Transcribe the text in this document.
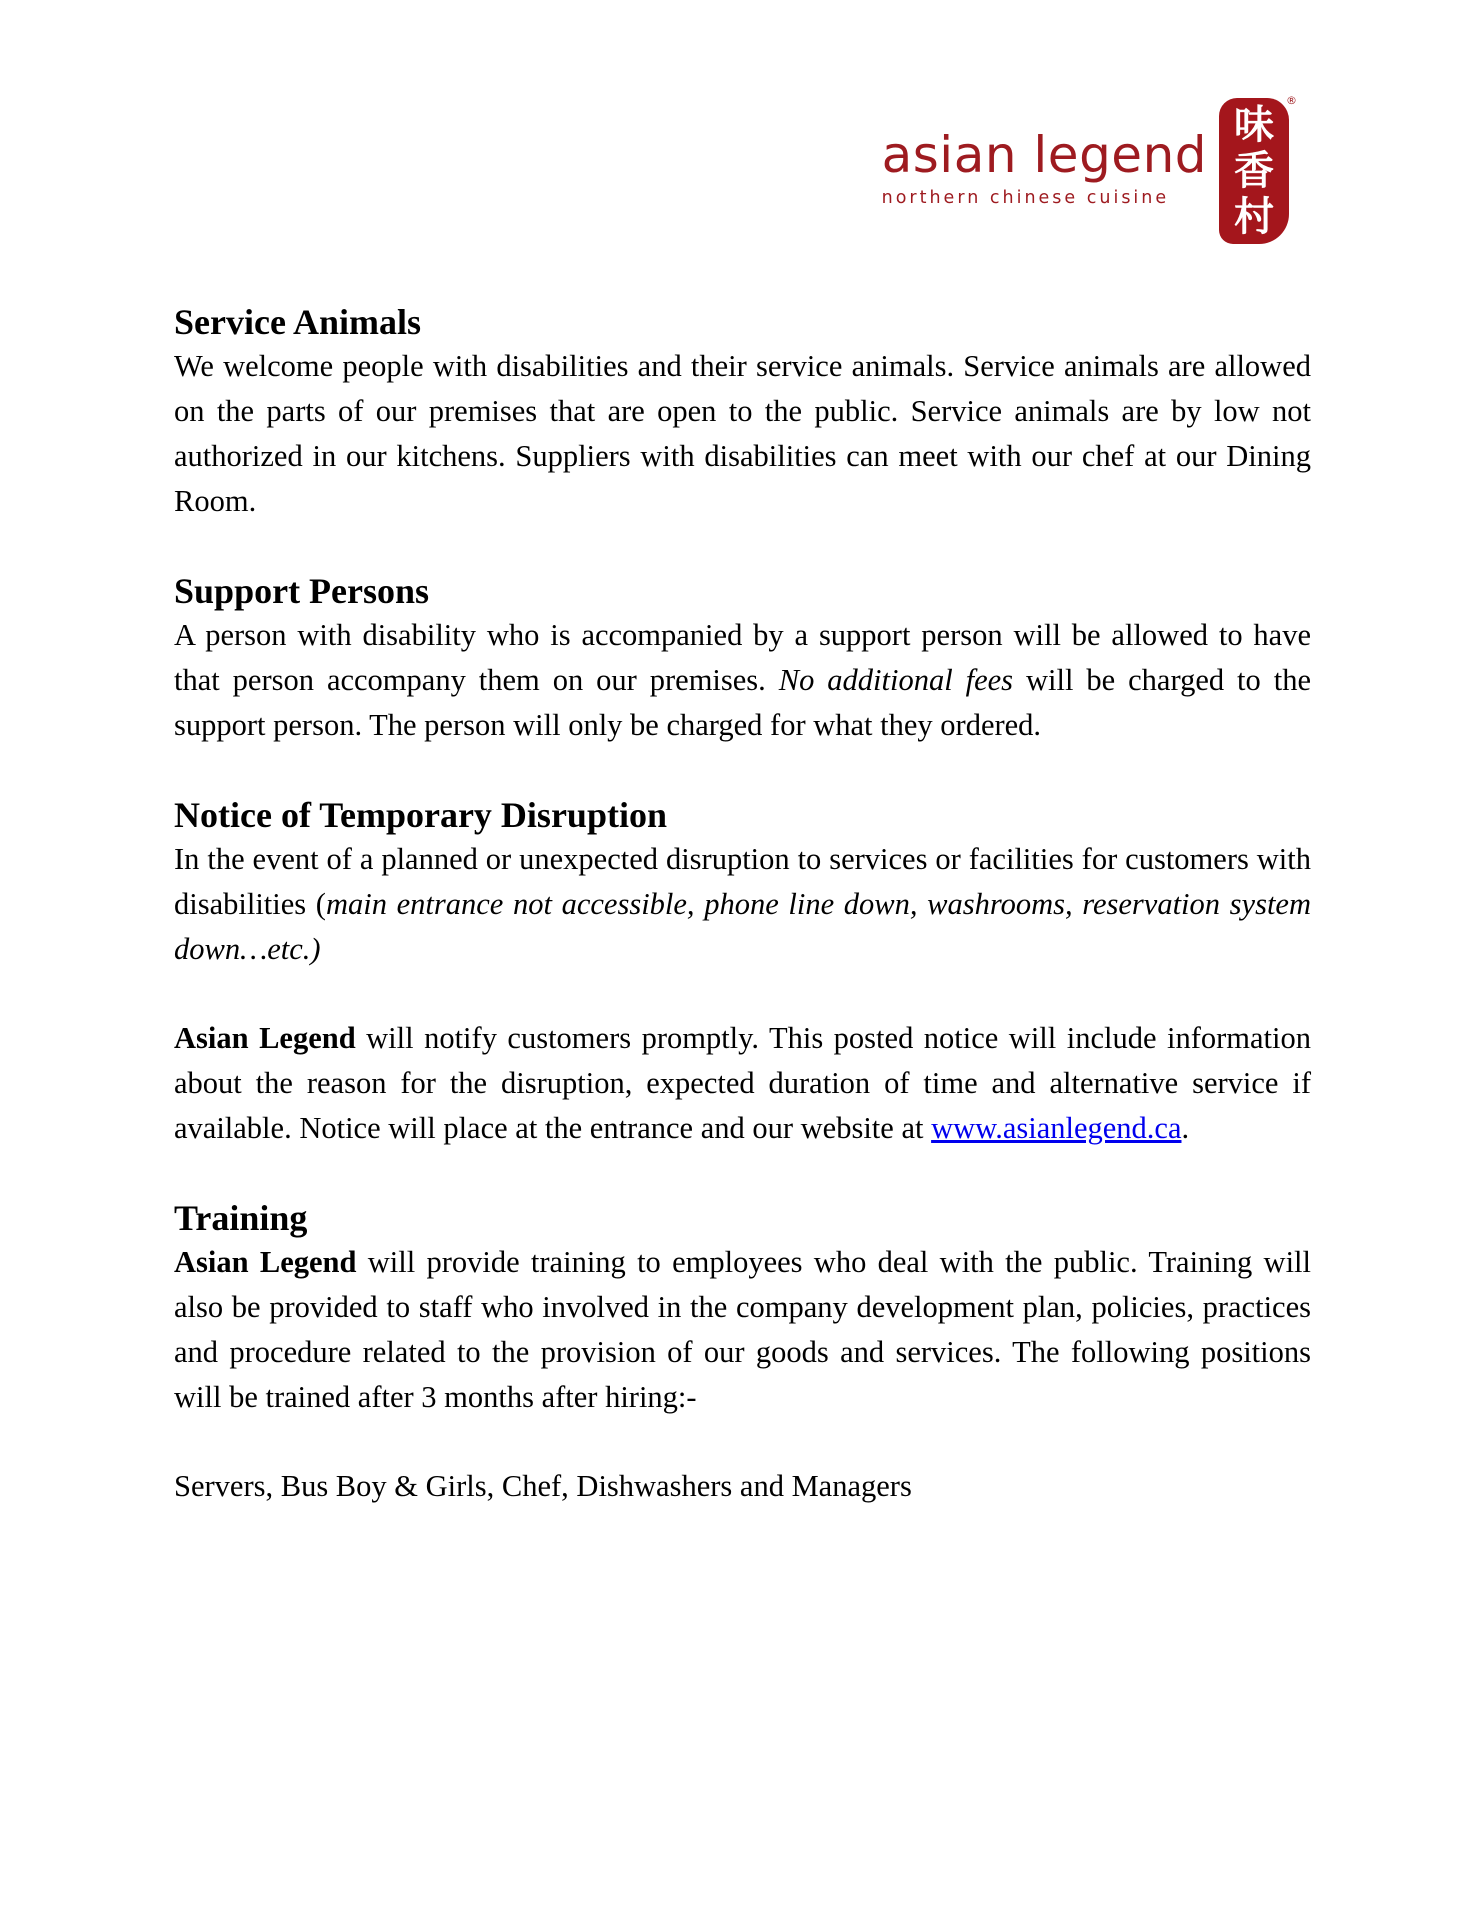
asian legend
northern chinese cuisine
味
香
村
®
Service Animals

We welcome people with disabilities and their service animals. Service animals are allowed on the parts of our premises that are open to the public. Service animals are by low not authorized in our kitchens. Suppliers with disabilities can meet with our chef at our Dining Room.

Support Persons

A person with disability who is accompanied by a support person will be allowed to have that person accompany them on our premises. No additional fees will be charged to the support person. The person will only be charged for what they ordered.

Notice of Temporary Disruption

In the event of a planned or unexpected disruption to services or facilities for customers with disabilities (main entrance not accessible, phone line down, washrooms, reservation system down…etc.)

Asian Legend will notify customers promptly. This posted notice will include information about the reason for the disruption, expected duration of time and alternative service if available. Notice will place at the entrance and our website at www.asianlegend.ca.

Training

Asian Legend will provide training to employees who deal with the public. Training will also be provided to staff who involved in the company development plan, policies, practices and procedure related to the provision of our goods and services. The following positions will be trained after 3 months after hiring:-

Servers, Bus Boy & Girls, Chef, Dishwashers and Managers
